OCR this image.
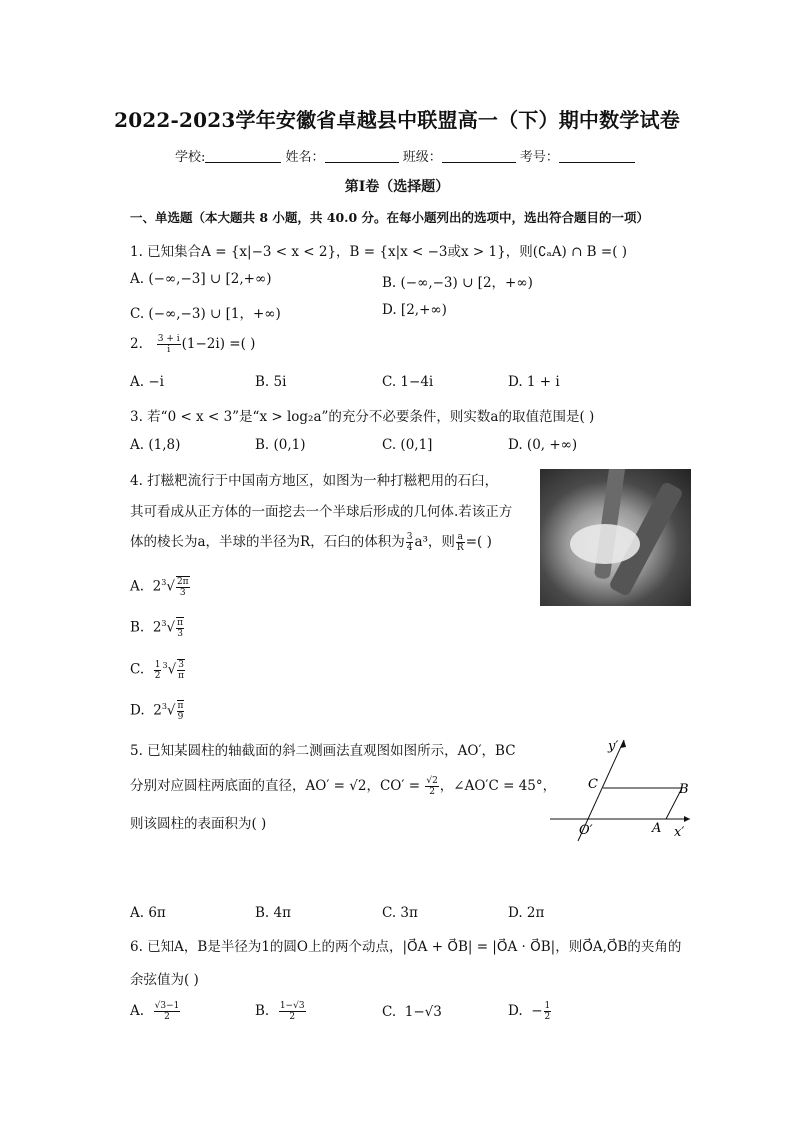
2022-2023学年安徽省卓越县中联盟高一（下）期中数学试卷
学校:	姓名：	班级：	考号：
第I卷（选择题）
一、单选题（本大题共 8 小题，共 40.0 分。在每小题列出的选项中，选出符合题目的一项）
1. 已知集合A = {x|−3 < x < 2}，B = {x|x < −3或x > 1}，则(∁ₐA) ∩ B =( )
A. (−∞,−3] ∪ [2,+∞)	B. (−∞,−3) ∪ [2，+∞)
C. (−∞,−3) ∪ [1，+∞)	D. [2,+∞)
2. $\frac{3 + i}{i} (1-2i)$ =( )
A. −i	B. 5i	C. 1−4i	D. 1 + i
3. 若“0 < x < 3”是“x > log₂a”的充分不必要条件，则实数a的取值范围是( )
A. (1,8)	B. (0,1)	C. (0,1]	D. (0, +∞)
4. 打糍粑流行于中国南方地区，如图为一种打糍粑用的石臼，
其可看成从正方体的一面挖去一个半球后形成的几何体.若该正方
体的棱长为a，半球的半径为R，石臼的体积为 $\frac{3}{4} a^3$，则 $\frac{a}{R}$ =( )
A. $2^3√ \frac{2\pi}{3}$
B. $2^3√ \frac{\pi}{3}$
C. $\frac{1}{2} ^3√ \frac{3}{\pi}$
D. $2^3√ \frac{\pi}{9}$
5. 已知某圆柱的轴截面的斜二测画法直观图如图所示，AO′，BC
分别对应圆柱两底面的直径，AO′ = √2，$CO' = \frac{√2}{2}$ ，∠AO′C = 45°，
则该圆柱的表面积为( )
y′
x′
C	B
O′	A
A. 6π	B. 4π	C. 3π	D. 2π
6. 已知A，B是半径为1的圆O上的两个动点，|O⃗A + O⃗B| = |O⃗A · O⃗B|，则O⃗A,O⃗B的夹角的
余弦值为( )
A. $\frac{√3-1}{2}$	B. $\frac{1-√3}{2}$	C. 1−√3	D. − $\frac{1}{2}$
